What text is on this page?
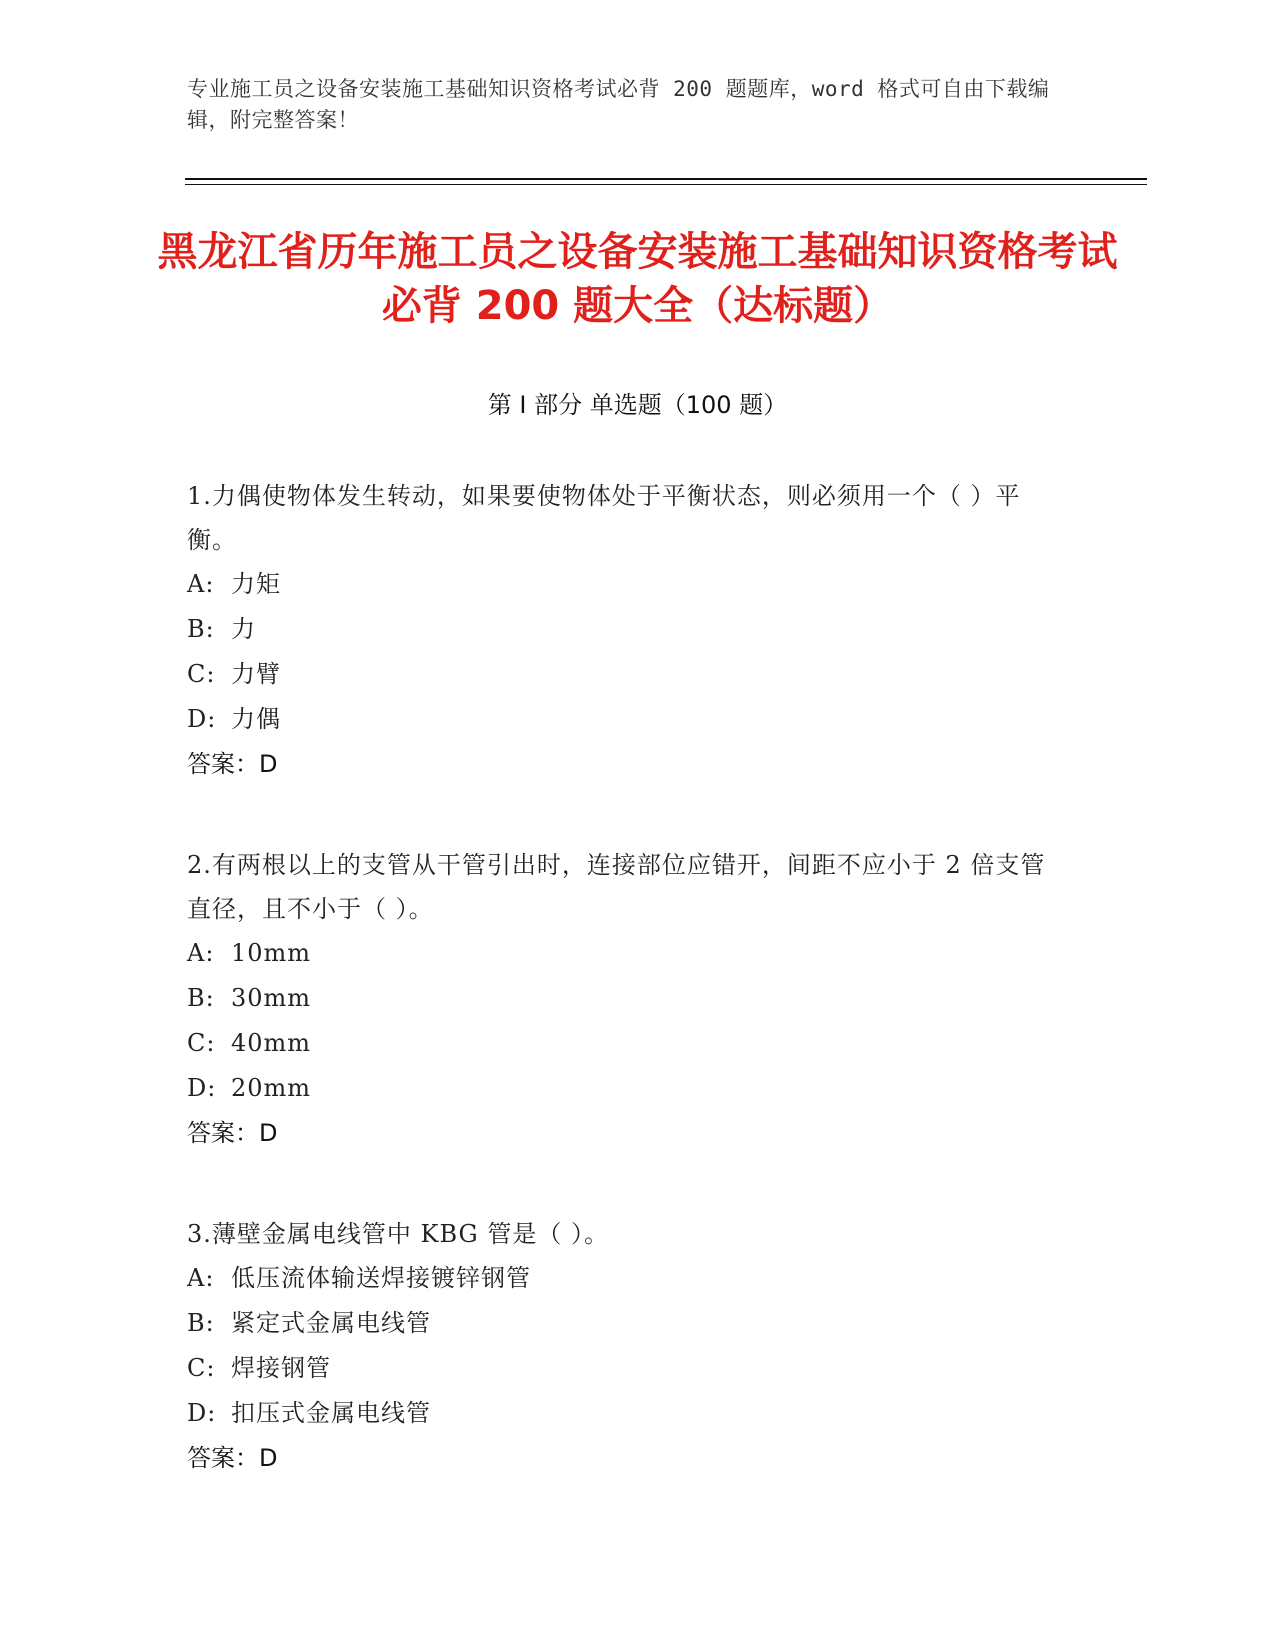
专业施工员之设备安装施工基础知识资格考试必背 200 题题库，word 格式可自由下载编辑，附完整答案！
黑龙江省历年施工员之设备安装施工基础知识资格考试必背 200 题大全（达标题）
第 I 部分 单选题（100 题）

1.力偶使物体发生转动，如果要使物体处于平衡状态，则必须用一个（ ）平衡。

A: 力矩

B: 力

C: 力臂

D: 力偶

答案：D

2.有两根以上的支管从干管引出时，连接部位应错开，间距不应小于 2 倍支管直径，且不小于（ ）。

A: 10mm

B: 30mm

C: 40mm

D: 20mm

答案：D

3.薄壁金属电线管中 KBG 管是（ ）。

A: 低压流体输送焊接镀锌钢管

B: 紧定式金属电线管

C: 焊接钢管

D: 扣压式金属电线管

答案：D
